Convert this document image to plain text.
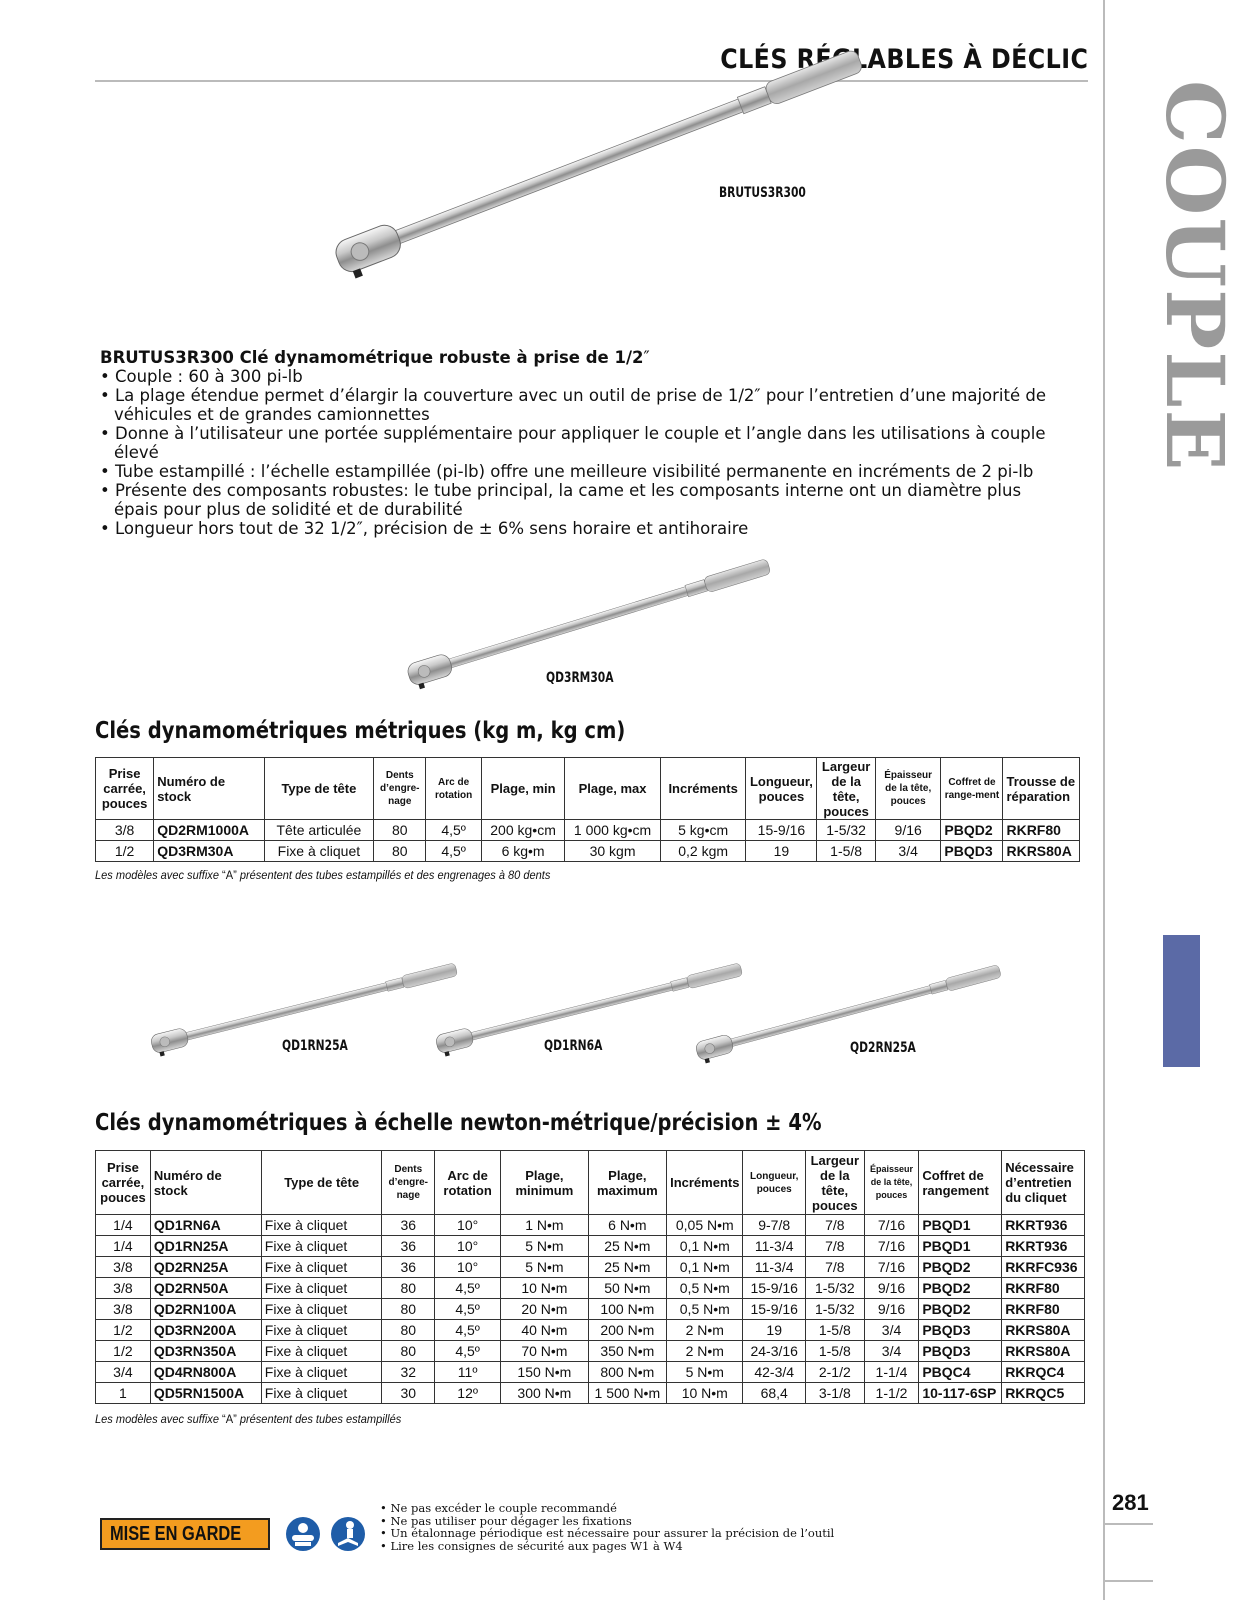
CLÉS RÉGLABLES À DÉCLIC
COUPLE
281
BRUTUS3R300
BRUTUS3R300 Clé dynamométrique robuste à prise de 1/2″
• Couple : 60 à 300 pi-lb
• La plage étendue permet d’élargir la couverture avec un outil de prise de 1/2″ pour l’entretien d’une majorité de véhicules et de grandes camionnettes
• Donne à l’utilisateur une portée supplémentaire pour appliquer le couple et l’angle dans les utilisations à couple élevé
• Tube estampillé : l’échelle estampillée (pi-lb) offre une meilleure visibilité permanente en incréments de 2 pi-lb
• Présente des composants robustes: le tube principal, la came et les composants interne ont un diamètre plus épais pour plus de solidité et de durabilité
• Longueur hors tout de 32 1/2″, précision de ± 6% sens horaire et antihoraire
QD3RM30A
Clés dynamométriques métriques (kg m, kg cm)
Prise carrée, pouces	Numéro de stock	Type de tête	Dents d’engre-nage	Arc de rotation	Plage, min	Plage, max	Incréments	Longueur, pouces	Largeur de la tête, pouces	Épaisseur de la tête, pouces	Coffret de range-ment	Trousse de réparation
3/8	QD2RM1000A	Tête articulée	80	4,5º	200 kg•cm	1 000 kg•cm	5 kg•cm	15-9/16	1-5/32	9/16	PBQD2	RKRF80
1/2	QD3RM30A	Fixe à cliquet	80	4,5º	6 kg•m	30 kgm	0,2 kgm	19	1-5/8	3/4	PBQD3	RKRS80A
Les modèles avec suffixe “A” présentent des tubes estampillés et des engrenages à 80 dents
QD1RN25A	QD1RN6A	QD2RN25A
Clés dynamométriques à échelle newton-métrique/précision ± 4%
Prise carrée, pouces	Numéro de stock	Type de tête	Dents d’engre-nage	Arc de rotation	Plage, minimum	Plage, maximum	Incréments	Longueur, pouces	Largeur de la tête, pouces	Épaisseur de la tête, pouces	Coffret de rangement	Nécessaire d’entretien du cliquet
1/4	QD1RN6A	Fixe à cliquet	36	10°	1 N•m	6 N•m	0,05 N•m	9-7/8	7/8	7/16	PBQD1	RKRT936
1/4	QD1RN25A	Fixe à cliquet	36	10°	5 N•m	25 N•m	0,1 N•m	11-3/4	7/8	7/16	PBQD1	RKRT936
3/8	QD2RN25A	Fixe à cliquet	36	10°	5 N•m	25 N•m	0,1 N•m	11-3/4	7/8	7/16	PBQD2	RKRFC936
3/8	QD2RN50A	Fixe à cliquet	80	4,5º	10 N•m	50 N•m	0,5 N•m	15-9/16	1-5/32	9/16	PBQD2	RKRF80
3/8	QD2RN100A	Fixe à cliquet	80	4,5º	20 N•m	100 N•m	0,5 N•m	15-9/16	1-5/32	9/16	PBQD2	RKRF80
1/2	QD3RN200A	Fixe à cliquet	80	4,5º	40 N•m	200 N•m	2 N•m	19	1-5/8	3/4	PBQD3	RKRS80A
1/2	QD3RN350A	Fixe à cliquet	80	4,5º	70 N•m	350 N•m	2 N•m	24-3/16	1-5/8	3/4	PBQD3	RKRS80A
3/4	QD4RN800A	Fixe à cliquet	32	11º	150 N•m	800 N•m	5 N•m	42-3/4	2-1/2	1-1/4	PBQC4	RKRQC4
1	QD5RN1500A	Fixe à cliquet	30	12º	300 N•m	1 500 N•m	10 N•m	68,4	3-1/8	1-1/2	10-117-6SP	RKRQC5
Les modèles avec suffixe “A” présentent des tubes estampillés
MISE EN GARDE
• Ne pas excéder le couple recommandé
• Ne pas utiliser pour dégager les fixations
• Un étalonnage périodique est nécessaire pour assurer la précision de l’outil
• Lire les consignes de sécurité aux pages W1 à W4
